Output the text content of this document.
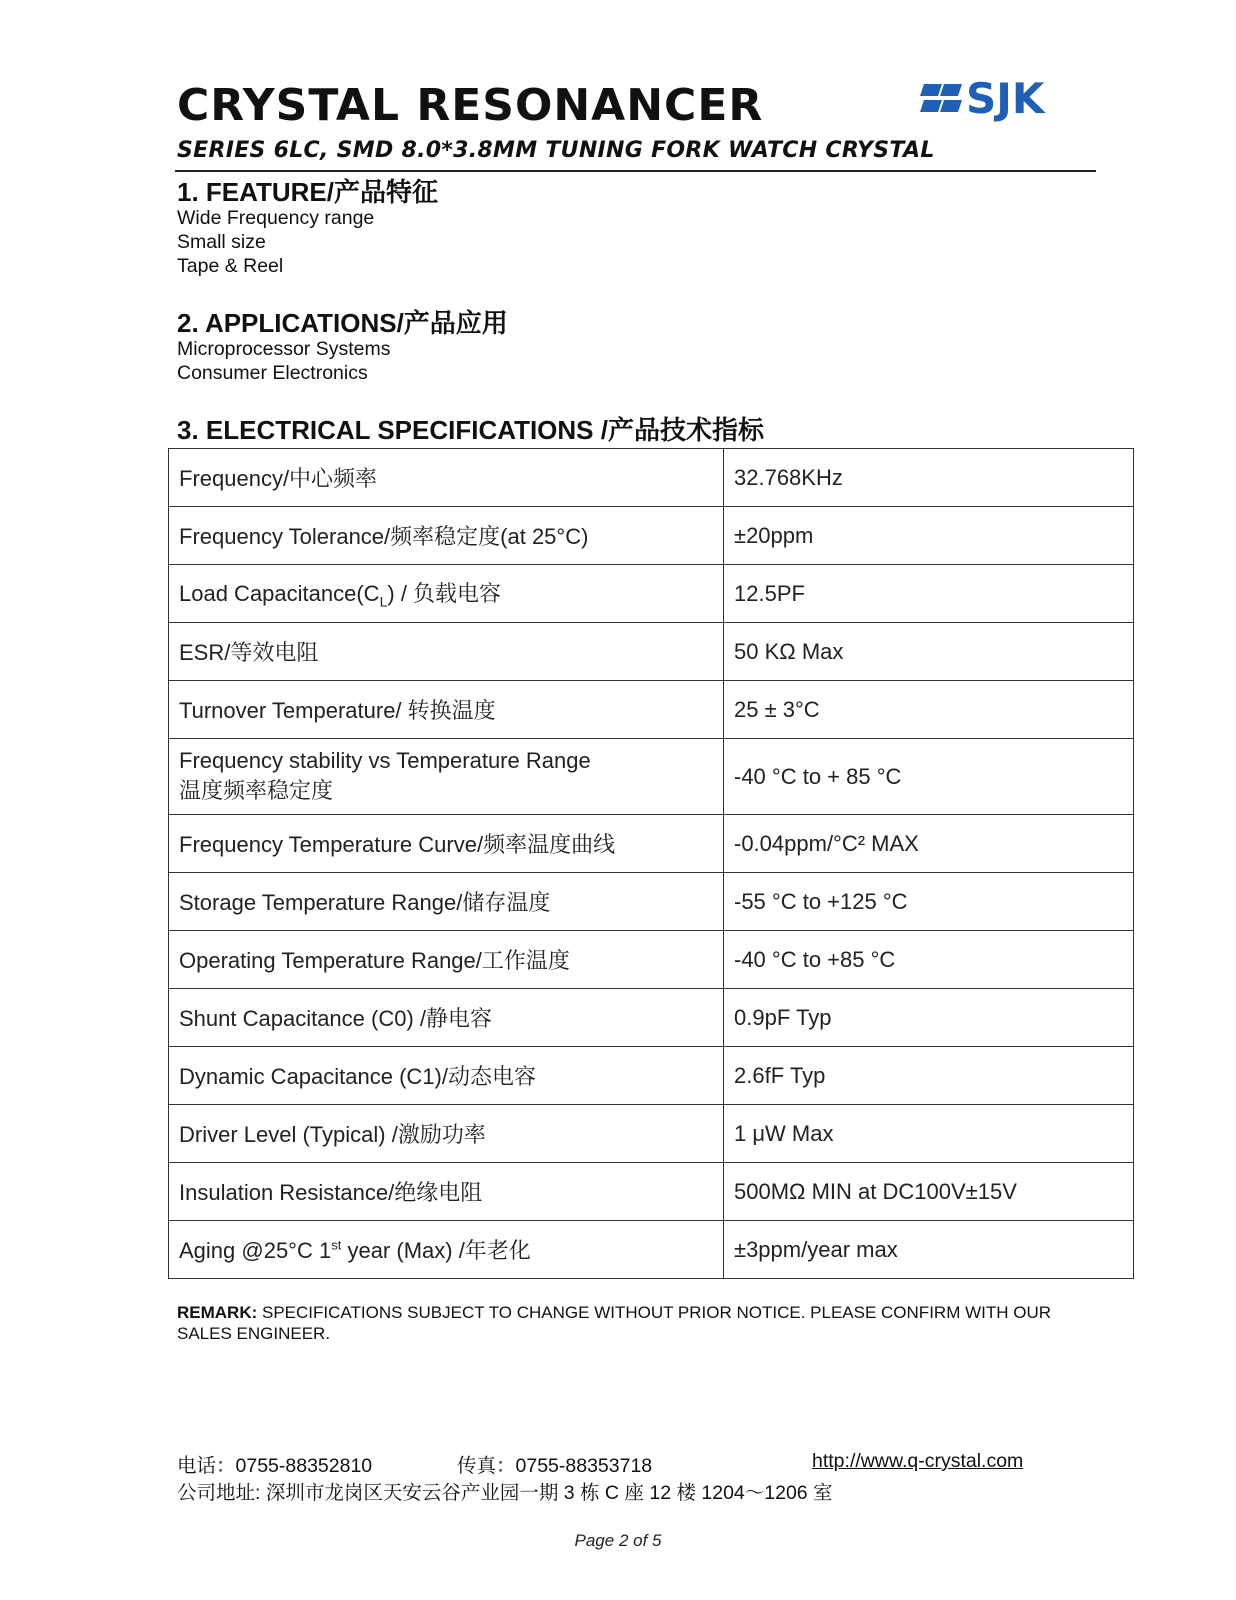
CRYSTAL RESONANCER	SJK
SERIES 6LC, SMD 8.0*3.8MM TUNING FORK WATCH CRYSTAL
1. FEATURE/产品特征
Wide Frequency range
Small size
Tape & Reel
2. APPLICATIONS/产品应用
Microprocessor Systems
Consumer Electronics
3. ELECTRICAL SPECIFICATIONS /产品技术指标
Frequency/中心频率	32.768KHz
Frequency Tolerance/频率稳定度(at 25°C)	±20ppm
Load $Capacitance(C_L)$ / 负载电容	12.5PF
ESR/等效电阻	50 KΩ Max
Turnover Temperature/ 转换温度	25 ± 3°C

Frequency stability vs Temperature Range
温度频率稳定度	-40 °C to + 85 °C
Frequency Temperature Curve/频率温度曲线	-0.04ppm/°C² MAX
Storage Temperature Range/储存温度	-55 °C to +125 °C
Operating Temperature Range/工作温度	-40 °C to +85 °C
Shunt Capacitance (C0) /静电容	0.9pF Typ
Dynamic Capacitance (C1)/动态电容	2.6fF Typ
Driver Level (Typical) /激励功率	1 μW Max
Insulation Resistance/绝缘电阻	500MΩ MIN at DC100V±15V
Aging @25°C 1st year (Max) /年老化	±3ppm/year max

REMARK: SPECIFICATIONS SUBJECT TO CHANGE WITHOUT PRIOR NOTICE. PLEASE CONFIRM WITH OUR SALES ENGINEER.

电话：0755-88352810	传真：0755-88353718	http://www.q-crystal.com
公司地址: 深圳市龙岗区天安云谷产业园一期 3 栋 C 座 12 楼 1204～1206 室
Page 2 of 5
